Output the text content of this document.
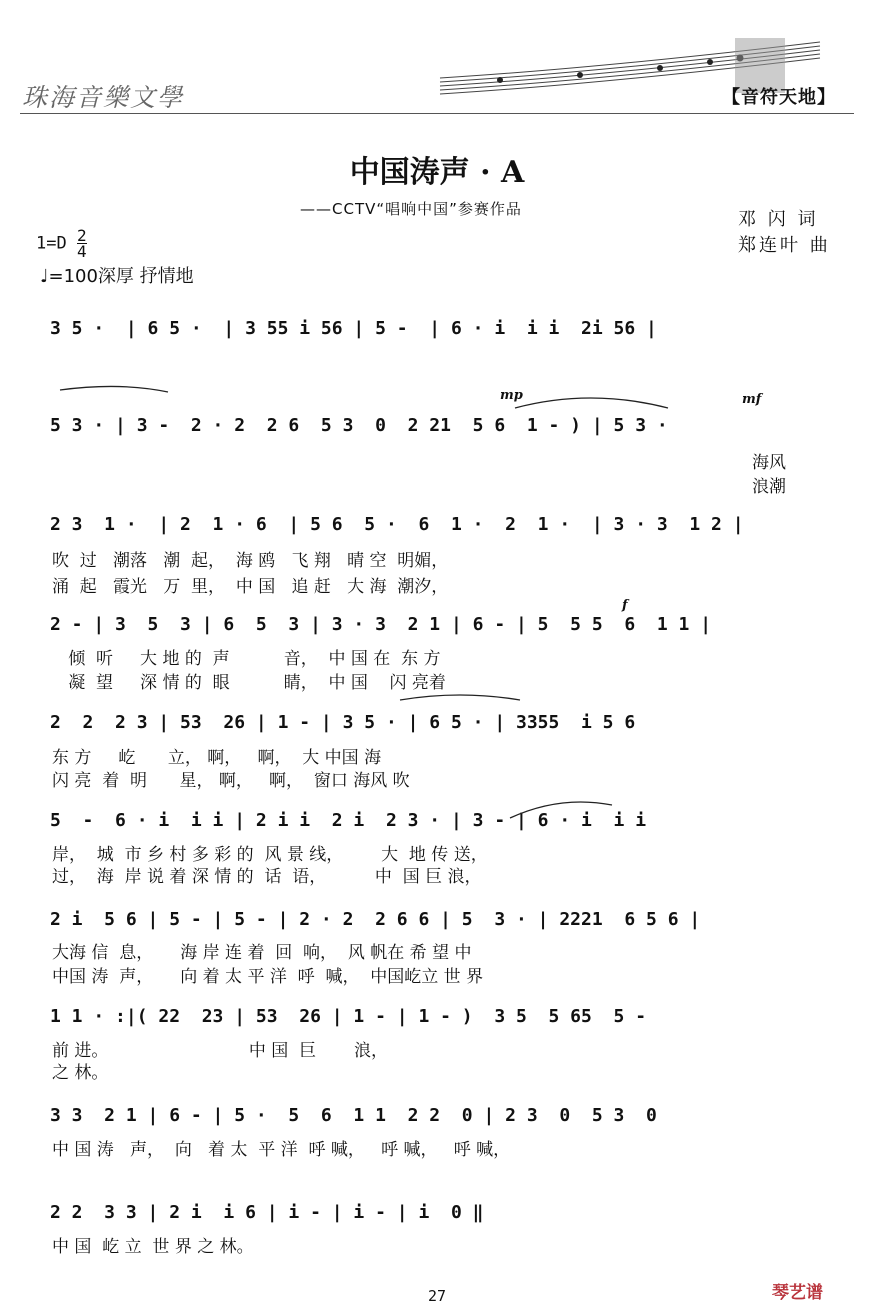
珠海音樂文學	【音符天地】
中国涛声 · A
——CCTV“唱响中国”参赛作品	邓 闪 词
郑连叶 曲
$1=D \frac{2}{4}$
♩=100深厚 抒情地
3 5 ·  | 6 5 ·  | 3 55 i 56 | 5 -  | 6 · i  i i  2i 56 |
mp	mf
5 3 · | 3 -  2 · 2  2 6  5 3  0  2 21  5 6  1 - ) | 5 3 ·
海风
浪潮
2 3  1 ·  | 2  1 · 6  | 5 6  5 ·  6  1 ·  2  1 ·  | 3 · 3  1 2 |
吹  过   潮落   潮  起，  海 鸥   飞 翔   晴 空  明媚，
涌  起   霞光   万  里，  中 国   追 赶   大 海  潮汐，
f
2 - | 3  5  3 | 6  5  3 | 3 · 3  2 1 | 6 - | 5  5 5  6  1 1 |
倾  听     大 地 的  声          音，  中 国 在  东 方
凝  望     深 情 的  眼          睛，  中 国    闪 亮着
2  2  2 3 | 53  26 | 1 - | 3 5 · | 6 5 · | 3355  i 5 6
东 方     屹      立， 啊，   啊，  大 中国 海
闪 亮  着  明      星， 啊，   啊，  窗口 海风 吹
5  -  6 · i  i i | 2 i i  2 i  2 3 · | 3 - | 6 · i  i i
岸，  城  市 乡 村 多 彩 的  风 景 线，       大  地 传 送，
过，  海  岸 说 着 深 情 的  话  语，         中  国 巨 浪，
2 i  5 6 | 5 - | 5 - | 2 · 2  2 6 6 | 5  3 · | 2221  6 5 6 |
大海 信  息，     海 岸 连 着  回  响，  风 帆在 希 望 中
中国 涛  声，     向 着 太 平 洋  呼  喊，  中国屹立 世 界
1 1 · :|( 22  23 | 53  26 | 1 - | 1 - )  3 5  5 65  5 -
前 进。                          中 国  巨       浪，
之 林。
3 3  2 1 | 6 - | 5 ·  5  6  1 1  2 2  0 | 2 3  0  5 3  0
中 国 涛   声，  向   着 太  平 洋  呼 喊，   呼 喊，   呼 喊，
2 2  3 3 | 2 i  i 6 | i - | i - | i  0 ‖
中 国  屹 立  世 界 之 林。
27	琴艺谱
